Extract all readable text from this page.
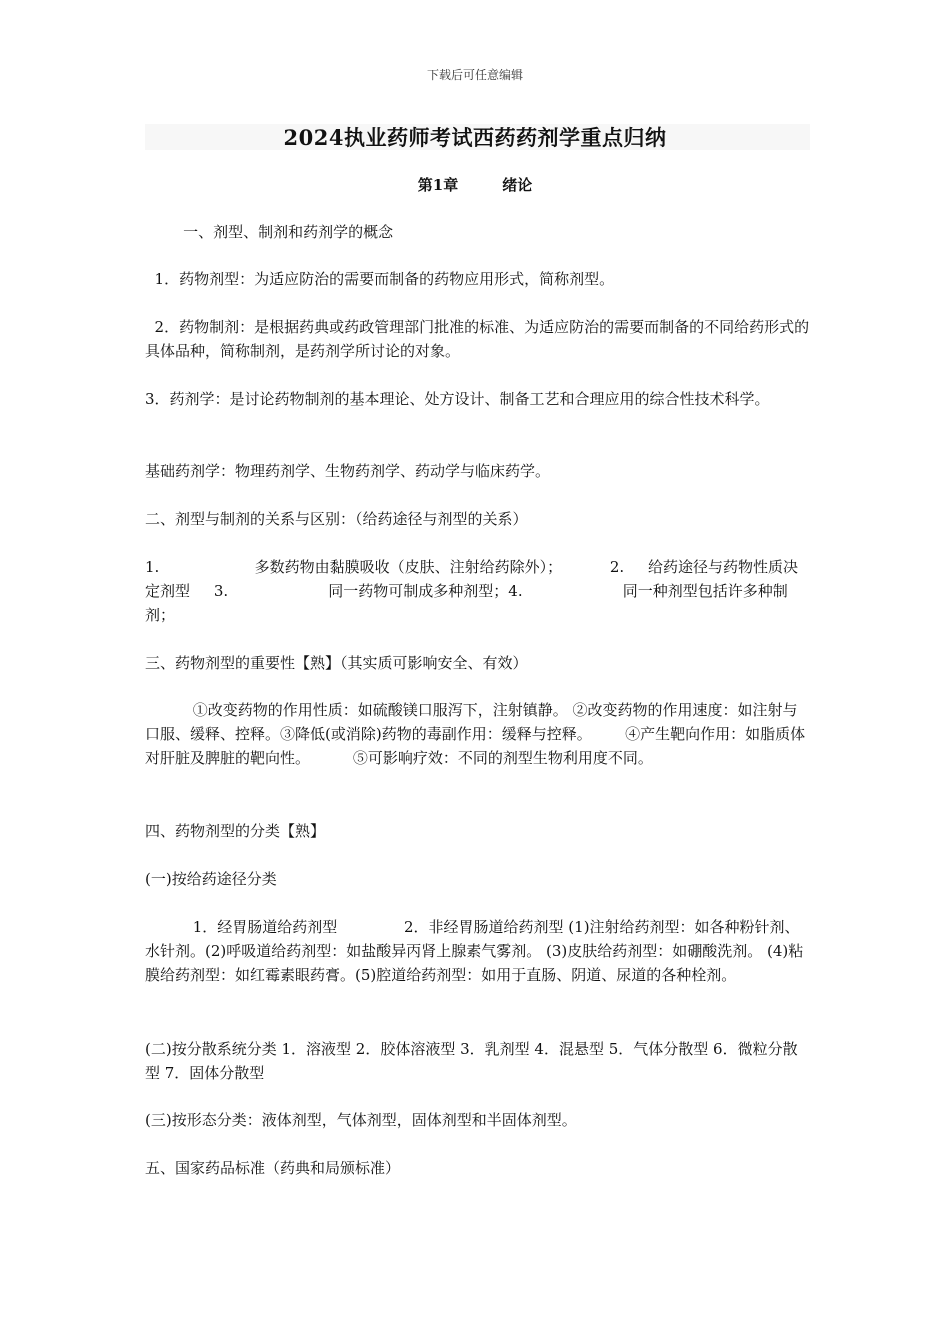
下载后可任意编辑
2024执业药师考试西药药剂学重点归纳
第1章	绪论
一、剂型、制剂和药剂学的概念
1．药物剂型：为适应防治的需要而制备的药物应用形式，简称剂型。
2．药物制剂：是根据药典或药政管理部门批准的标准、为适应防治的需要而制备的不同给药形式的具体品种，简称制剂，是药剂学所讨论的对象。
3．药剂学：是讨论药物制剂的基本理论、处方设计、制备工艺和合理应用的综合性技术科学。
基础药剂学：物理药剂学、生物药剂学、药动学与临床药学。
二、剂型与制剂的关系与区别：（给药途径与剂型的关系）
1.                    多数药物由黏膜吸收（皮肤、注射给药除外）；          2.     给药途径与药物性质决定剂型     3.                     同一药物可制成多种剂型；4.                     同一种剂型包括许多种制剂；
三、药物剂型的重要性【熟】（其实质可影响安全、有效）
①改变药物的作用性质：如硫酸镁口服泻下，注射镇静。 ②改变药物的作用速度：如注射与口服、缓释、控释。③降低(或消除)药物的毒副作用：缓释与控释。       ④产生靶向作用：如脂质体对肝脏及脾脏的靶向性。         ⑤可影响疗效：不同的剂型生物利用度不同。
四、药物剂型的分类【熟】
(一)按给药途径分类
1．经胃肠道给药剂型              2．非经胃肠道给药剂型 (1)注射给药剂型：如各种粉针剂、水针剂。(2)呼吸道给药剂型：如盐酸异丙肾上腺素气雾剂。 (3)皮肤给药剂型：如硼酸洗剂。 (4)粘膜给药剂型：如红霉素眼药膏。(5)腔道给药剂型：如用于直肠、阴道、尿道的各种栓剂。
(二)按分散系统分类 1．溶液型 2．胶体溶液型 3．乳剂型 4．混悬型 5．气体分散型 6．微粒分散型 7．固体分散型
(三)按形态分类：液体剂型，气体剂型，固体剂型和半固体剂型。
五、国家药品标准（药典和局颁标准）
